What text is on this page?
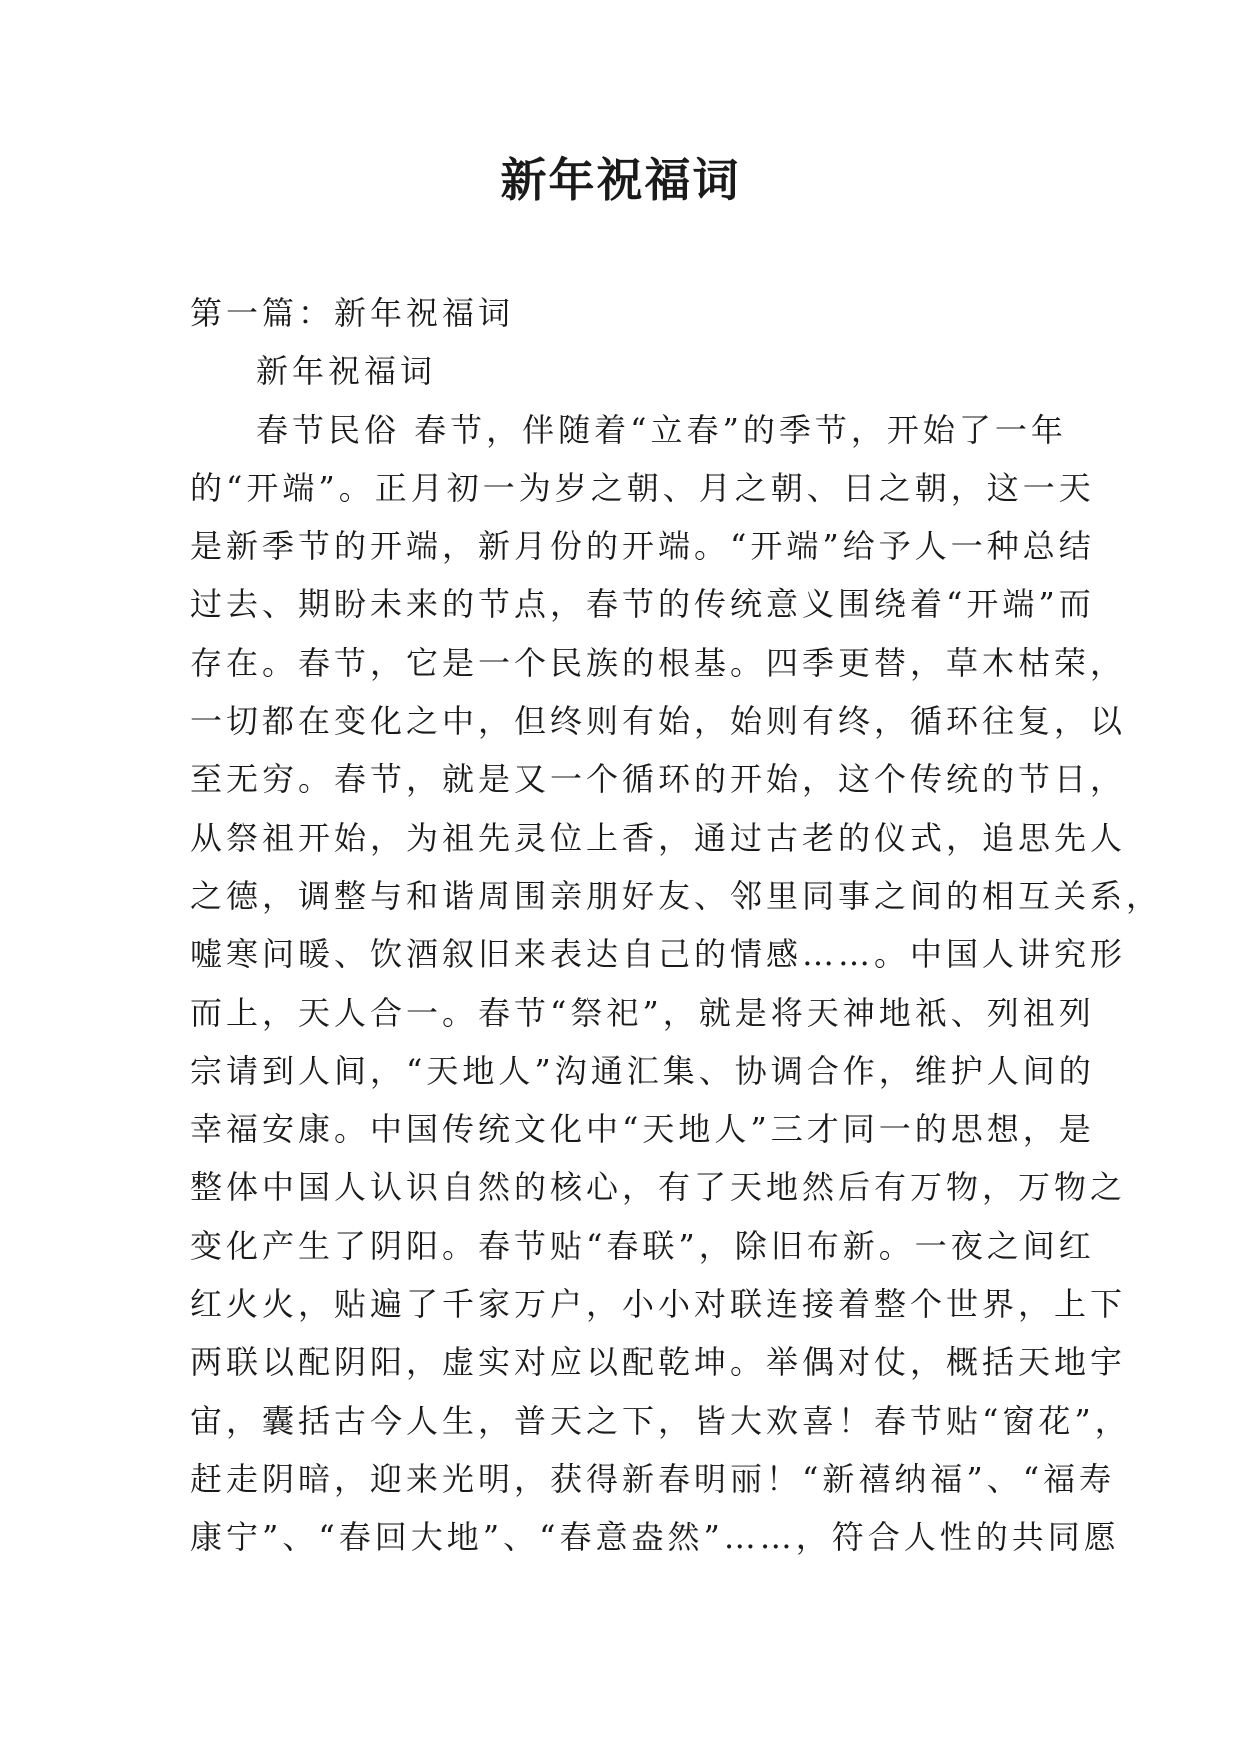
新年祝福词
第一篇：新年祝福词
新年祝福词
春节民俗 春节，伴随着“立春”的季节，开始了一年
的“开端”。正月初一为岁之朝、月之朝、日之朝，这一天
是新季节的开端，新月份的开端。“开端”给予人一种总结
过去、期盼未来的节点，春节的传统意义围绕着“开端”而
存在。春节，它是一个民族的根基。四季更替，草木枯荣，
一切都在变化之中，但终则有始，始则有终，循环往复，以
至无穷。春节，就是又一个循环的开始，这个传统的节日，
从祭祖开始，为祖先灵位上香，通过古老的仪式，追思先人
之德，调整与和谐周围亲朋好友、邻里同事之间的相互关系，
嘘寒问暖、饮酒叙旧来表达自己的情感……。中国人讲究形
而上，天人合一。春节“祭祀”，就是将天神地祇、列祖列
宗请到人间，“天地人”沟通汇集、协调合作，维护人间的
幸福安康。中国传统文化中“天地人”三才同一的思想，是
整体中国人认识自然的核心，有了天地然后有万物，万物之
变化产生了阴阳。春节贴“春联”，除旧布新。一夜之间红
红火火，贴遍了千家万户，小小对联连接着整个世界，上下
两联以配阴阳，虚实对应以配乾坤。举偶对仗，概括天地宇
宙，囊括古今人生，普天之下，皆大欢喜！春节贴“窗花”，
赶走阴暗，迎来光明，获得新春明丽！“新禧纳福”、“福寿
康宁”、“春回大地”、“春意盎然”……，符合人性的共同愿
